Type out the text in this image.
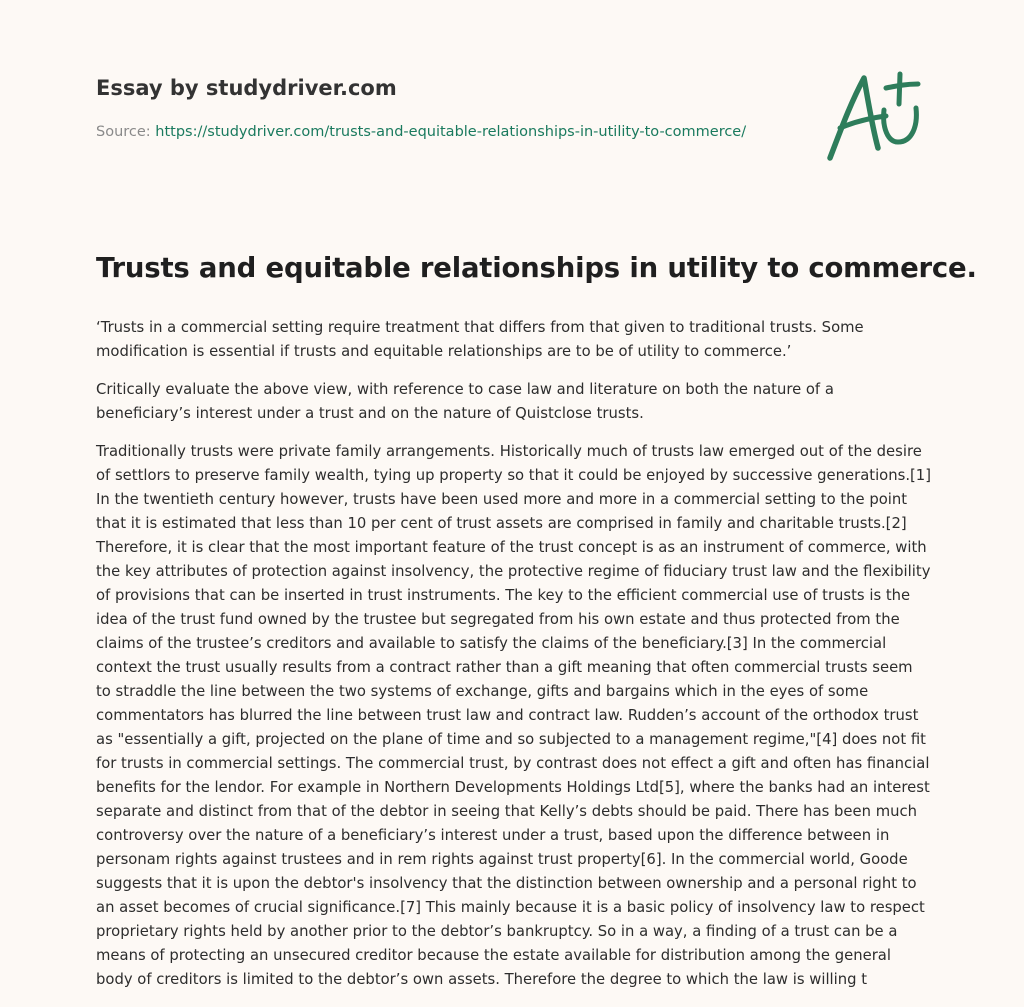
Essay by studydriver.com
Source: https://studydriver.com/trusts-and-equitable-relationships-in-utility-to-commerce/
Trusts and equitable relationships in utility to commerce.

‘Trusts in a commercial setting require treatment that differs from that given to traditional trusts. Some modification is essential if trusts and equitable relationships are to be of utility to commerce.’

Critically evaluate the above view, with reference to case law and literature on both the nature of a beneficiary’s interest under a trust and on the nature of Quistclose trusts.

Traditionally trusts were private family arrangements. Historically much of trusts law emerged out of the desire of settlors to preserve family wealth, tying up property so that it could be enjoyed by successive generations.[1] In the twentieth century however, trusts have been used more and more in a commercial setting to the point that it is estimated that less than 10 per cent of trust assets are comprised in family and charitable trusts.[2] Therefore, it is clear that the most important feature of the trust concept is as an instrument of commerce, with the key attributes of protection against insolvency, the protective regime of fiduciary trust law and the flexibility of provisions that can be inserted in trust instruments. The key to the efficient commercial use of trusts is the idea of the trust fund owned by the trustee but segregated from his own estate and thus protected from the claims of the trustee’s creditors and available to satisfy the claims of the beneficiary.[3] In the commercial context the trust usually results from a contract rather than a gift meaning that often commercial trusts seem to straddle the line between the two systems of exchange, gifts and bargains which in the eyes of some commentators has blurred the line between trust law and contract law. Rudden’s account of the orthodox trust as "essentially a gift, projected on the plane of time and so subjected to a management regime,"[4] does not fit for trusts in commercial settings. The commercial trust, by contrast does not effect a gift and often has financial benefits for the lendor. For example in Northern Developments Holdings Ltd[5], where the banks had an interest separate and distinct from that of the debtor in seeing that Kelly’s debts should be paid. There has been much controversy over the nature of a beneficiary’s interest under a trust, based upon the difference between in personam rights against trustees and in rem rights against trust property[6]. In the commercial world, Goode suggests that it is upon the debtor's insolvency that the distinction between ownership and a personal right to an asset becomes of crucial significance.[7] This mainly because it is a basic policy of insolvency law to respect proprietary rights held by another prior to the debtor’s bankruptcy. So in a way, a finding of a trust can be a means of protecting an unsecured creditor because the estate available for distribution among the general body of creditors is limited to the debtor’s own assets. Therefore the degree to which the law is willing t
